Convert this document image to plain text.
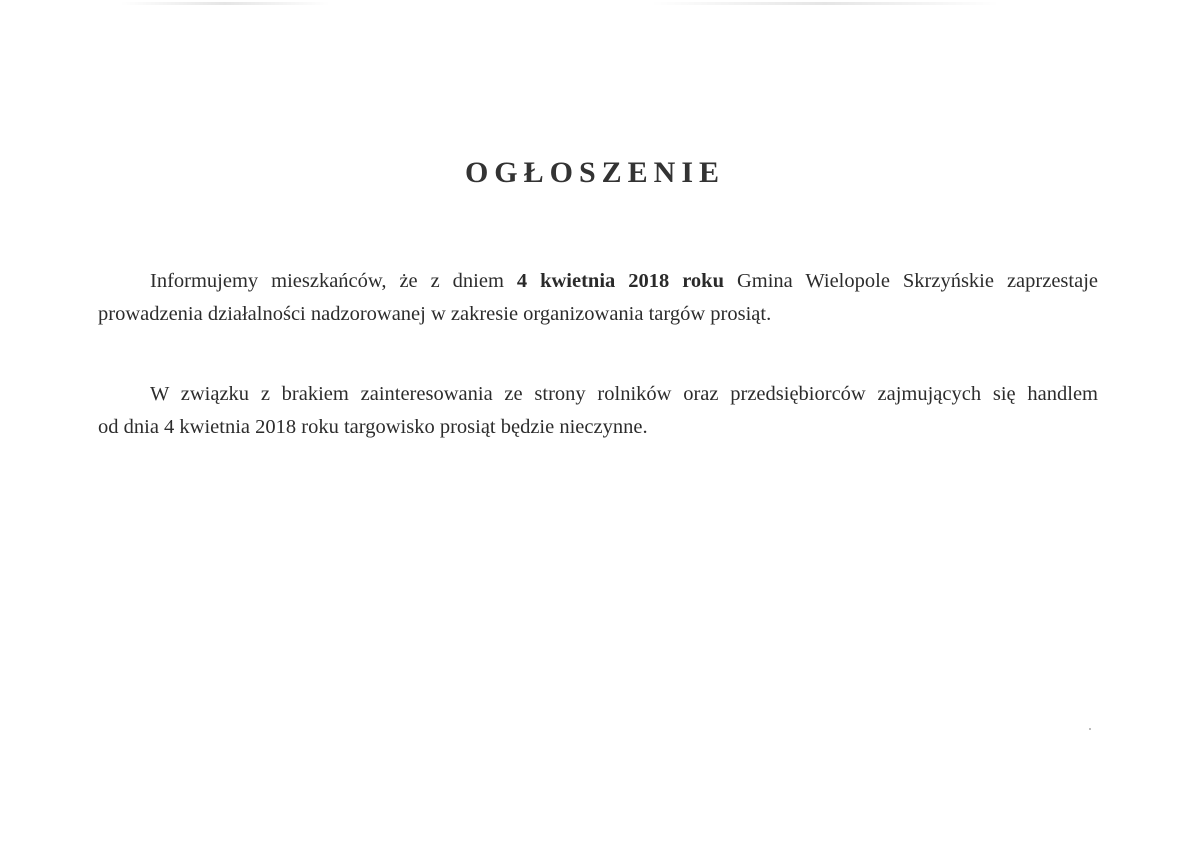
OGŁOSZENIE

Informujemy mieszkańców, że z dniem 4 kwietnia 2018 roku Gmina Wielopole Skrzyńskie zaprzestaje
prowadzenia działalności nadzorowanej w zakresie organizowania targów prosiąt.

W związku z brakiem zainteresowania ze strony rolników oraz przedsiębiorców zajmujących się handlem
od dnia 4 kwietnia 2018 roku targowisko prosiąt będzie nieczynne.
